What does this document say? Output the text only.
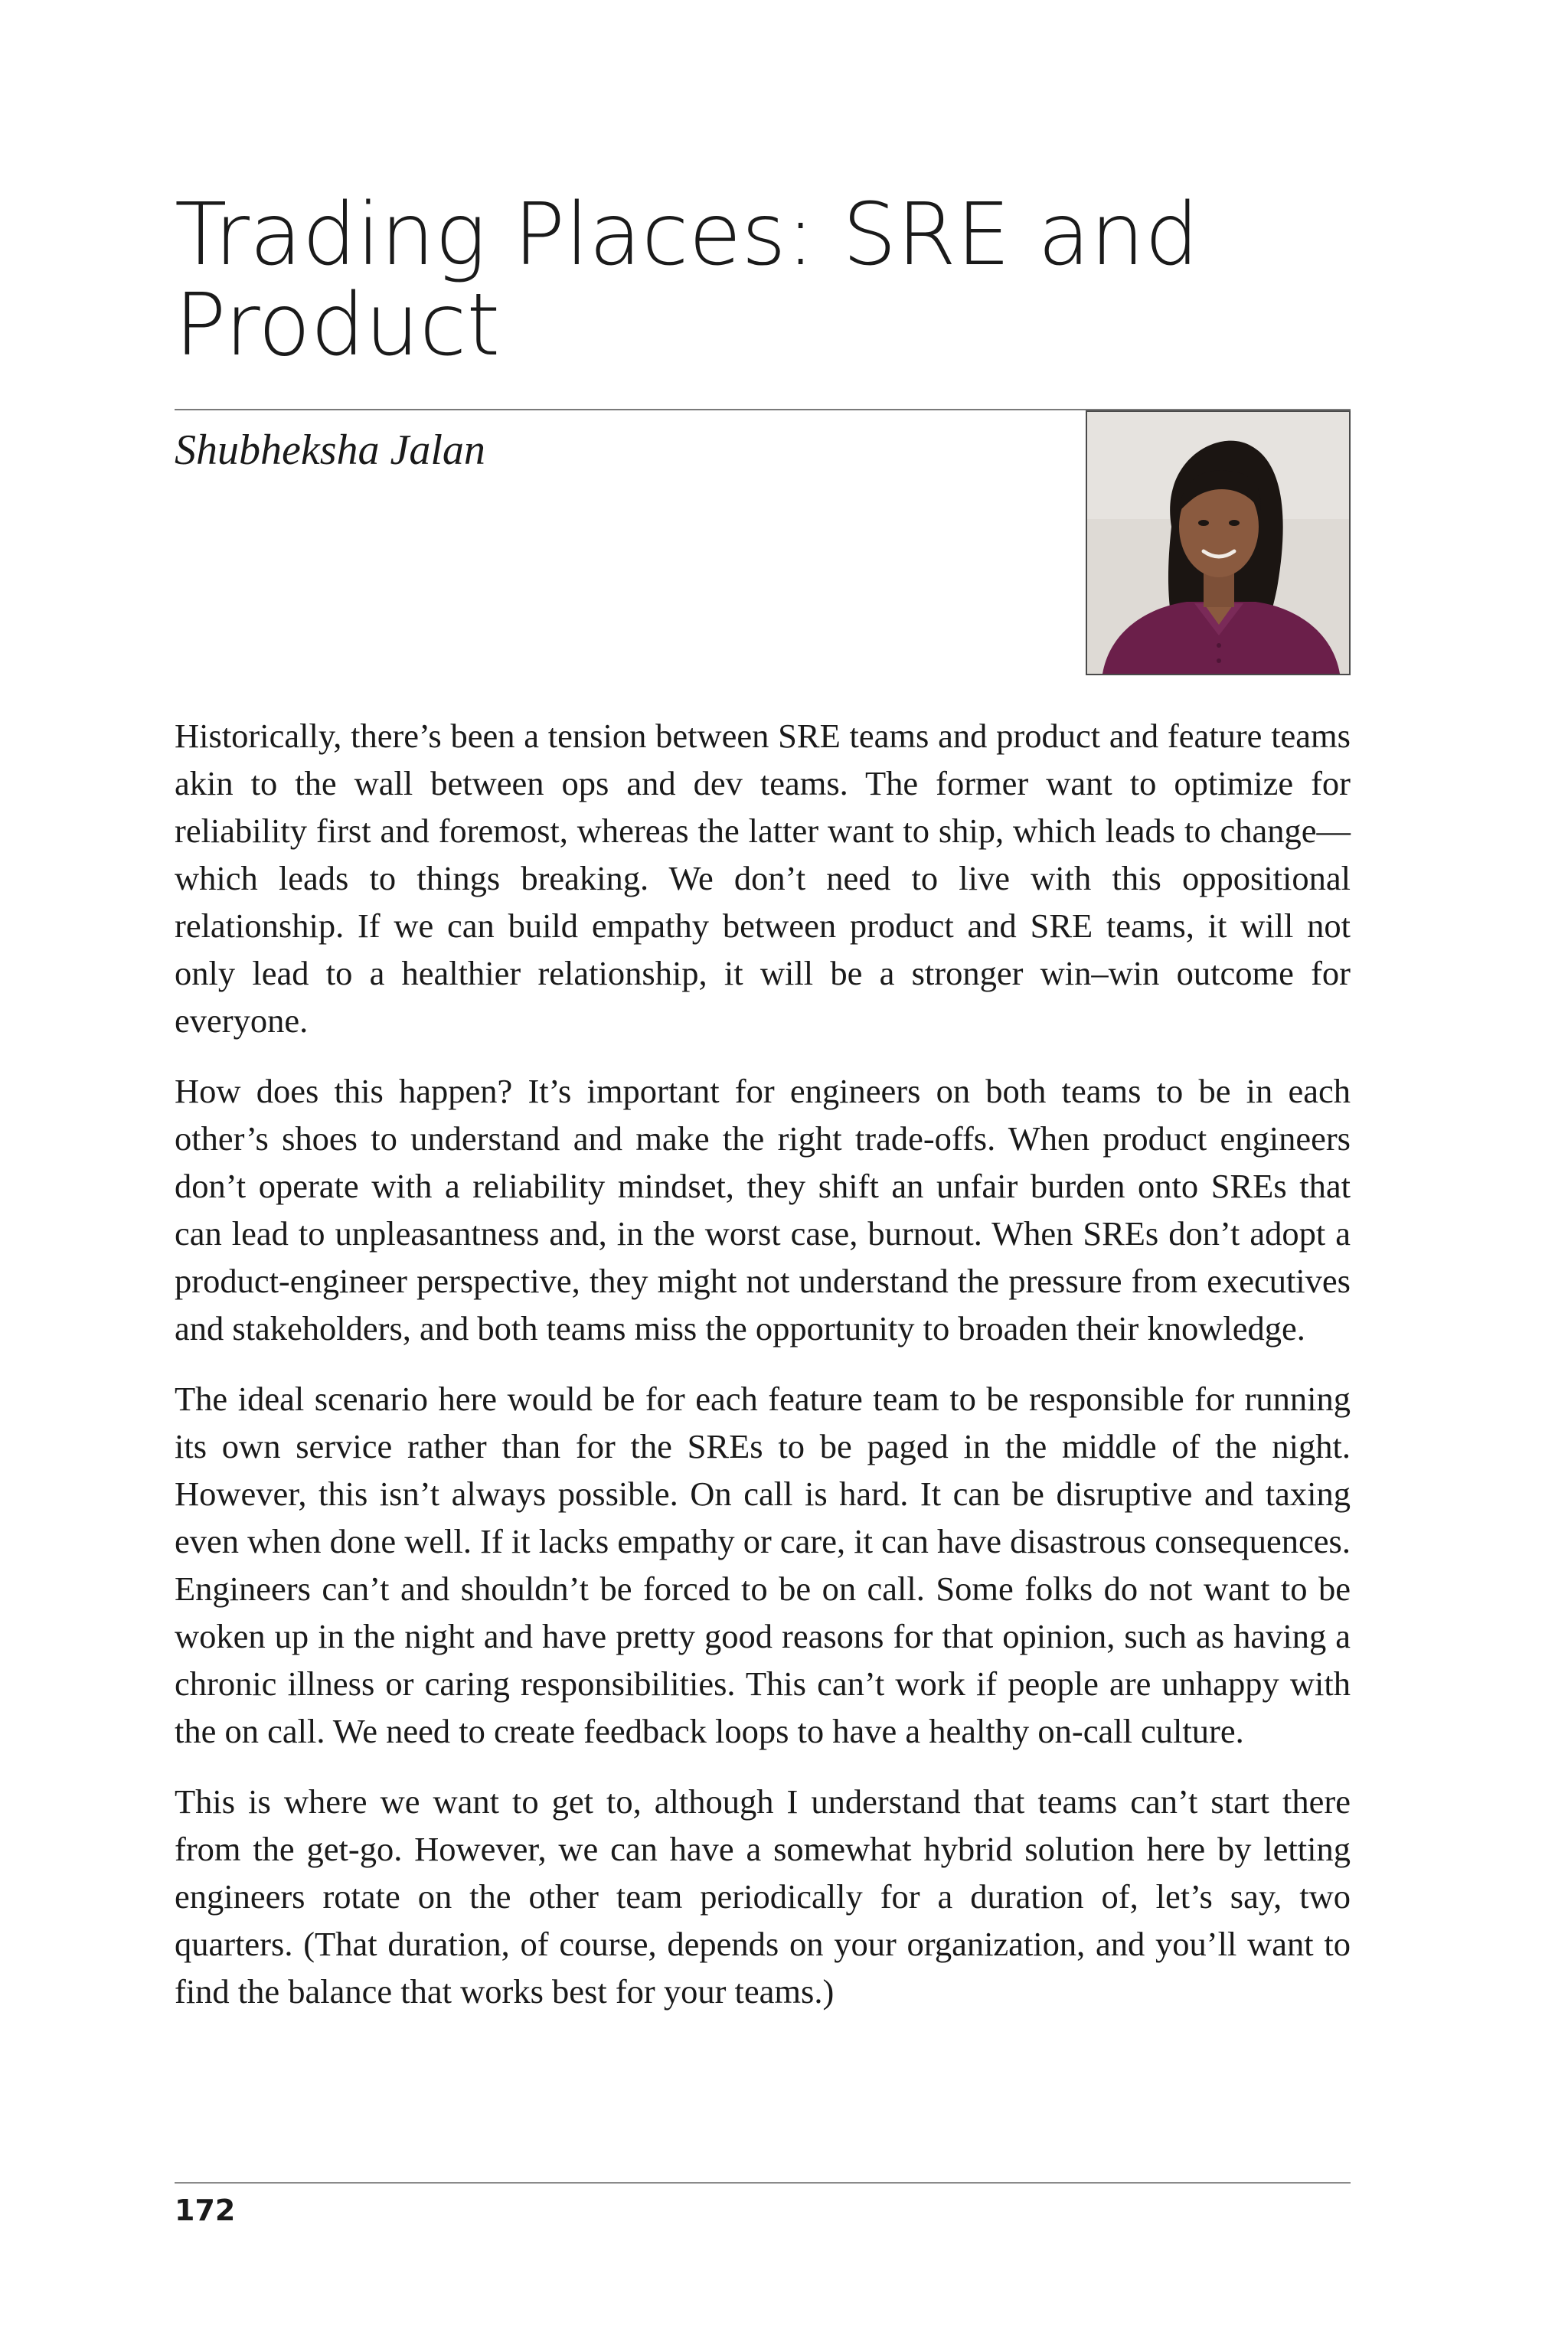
Trading Places: SRE and Product
Shubheksha Jalan

Historically, there’s been a tension between SRE teams and product and feature teams akin to the wall between ops and dev teams. The former want to optimize for reliability first and foremost, whereas the latter want to ship, which leads to change—which leads to things breaking. We don’t need to live with this oppositional relationship. If we can build empathy between product and SRE teams, it will not only lead to a healthier relationship, it will be a stronger win–win outcome for everyone.

How does this happen? It’s important for engineers on both teams to be in each other’s shoes to understand and make the right trade-offs. When product engineers don’t operate with a reliability mindset, they shift an unfair burden onto SREs that can lead to unpleasantness and, in the worst case, burnout. When SREs don’t adopt a product-engineer perspective, they might not understand the pressure from executives and stakeholders, and both teams miss the opportunity to broaden their knowledge.

The ideal scenario here would be for each feature team to be responsible for running its own service rather than for the SREs to be paged in the middle of the night. However, this isn’t always possible. On call is hard. It can be disruptive and taxing even when done well. If it lacks empathy or care, it can have disastrous consequences. Engineers can’t and shouldn’t be forced to be on call. Some folks do not want to be woken up in the night and have pretty good reasons for that opinion, such as having a chronic illness or caring responsibilities. This can’t work if people are unhappy with the on call. We need to create feedback loops to have a healthy on-call culture.

This is where we want to get to, although I understand that teams can’t start there from the get-go. However, we can have a somewhat hybrid solution here by letting engineers rotate on the other team periodically for a duration of, let’s say, two quarters. (That duration, of course, depends on your organization, and you’ll want to find the balance that works best for your teams.)

172
